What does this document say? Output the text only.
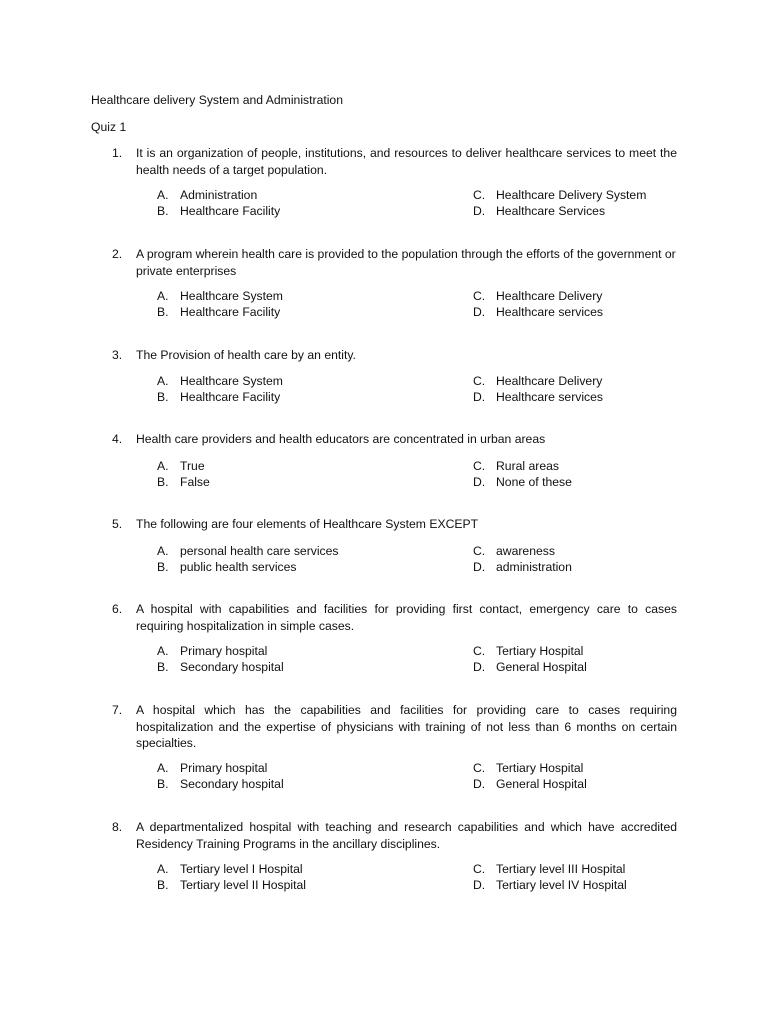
Healthcare delivery System and Administration
Quiz 1
1. It is an organization of people, institutions, and resources to deliver healthcare services to meet the health needs of a target population.
A. Administration
B. Healthcare Facility
C. Healthcare Delivery System
D. Healthcare Services
2. A program wherein health care is provided to the population through the efforts of the government or private enterprises
A. Healthcare System
B. Healthcare Facility
C. Healthcare Delivery
D. Healthcare services
3. The Provision of health care by an entity.
A. Healthcare System
B. Healthcare Facility
C. Healthcare Delivery
D. Healthcare services
4. Health care providers and health educators are concentrated in urban areas
A. True
B. False
C. Rural areas
D. None of these
5. The following are four elements of Healthcare System EXCEPT
A. personal health care services
B. public health services
C. awareness
D. administration
6. A hospital with capabilities and facilities for providing first contact, emergency care to cases requiring hospitalization in simple cases.
A. Primary hospital
B. Secondary hospital
C. Tertiary Hospital
D. General Hospital
7. A hospital which has the capabilities and facilities for providing care to cases requiring hospitalization and the expertise of physicians with training of not less than 6 months on certain specialties.
A. Primary hospital
B. Secondary hospital
C. Tertiary Hospital
D. General Hospital
8. A departmentalized hospital with teaching and research capabilities and which have accredited Residency Training Programs in the ancillary disciplines.
A. Tertiary level I Hospital
B. Tertiary level II Hospital
C. Tertiary level III Hospital
D. Tertiary level IV Hospital
